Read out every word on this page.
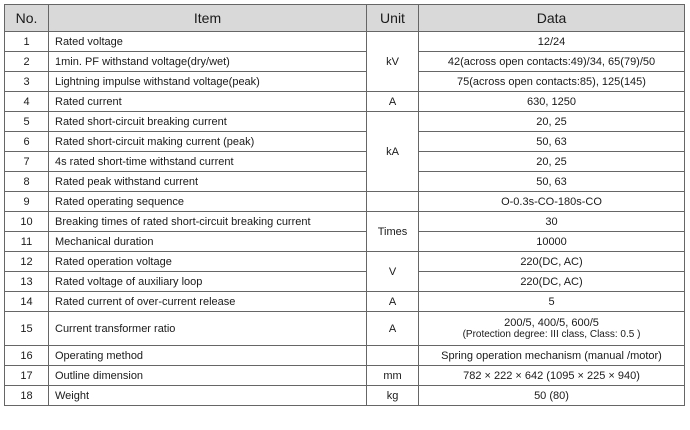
No.	Item	Unit	Data
1	Rated voltage	kV	12/24
2	1min. PF withstand voltage(dry/wet)		42(across open contacts:49)/34, 65(79)/50
3	Lightning impulse withstand voltage(peak)		75(across open contacts:85), 125(145)
4	Rated current	A	630, 1250
5	Rated short-circuit breaking current	kA	20, 25
6	Rated short-circuit making current (peak)		50, 63
7	4s rated short-time withstand current		20, 25
8	Rated peak withstand current		50, 63
9	Rated operating sequence		O-0.3s-CO-180s-CO
10	Breaking times of rated short-circuit breaking current	Times	30
11	Mechanical duration		10000
12	Rated operation voltage	V	220(DC, AC)
13	Rated voltage of auxiliary loop		220(DC, AC)
14	Rated current of over-current release	A	5
15	Current transformer ratio	A	200/5, 400/5, 600/5
(Protection degree: III class, Class: 0.5 )

16	Operating method		Spring operation mechanism (manual /motor)
17	Outline dimension	mm	782 × 222 × 642 (1095 × 225 × 940)
18	Weight	kg	50 (80)
